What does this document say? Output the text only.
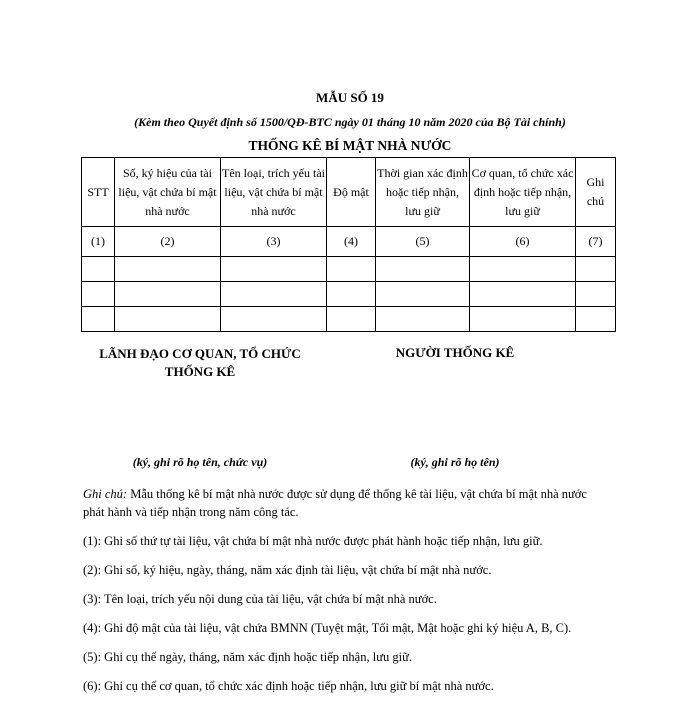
MẪU SỐ 19
(Kèm theo Quyết định số 1500/QĐ-BTC ngày 01 tháng 10 năm 2020 của Bộ Tài chính)
THỐNG KÊ BÍ MẬT NHÀ NƯỚC
STT	Số, ký hiệu của tài liệu, vật chứa bí mật nhà nước	Tên loại, trích yếu tài liệu, vật chứa bí mật nhà nước	Độ mật	Thời gian xác định hoặc tiếp nhận, lưu giữ	Cơ quan, tổ chức xác định hoặc tiếp nhận, lưu giữ	Ghi chú
(1)	(2)	(3)	(4)	(5)	(6)	(7)

LÃNH ĐẠO CƠ QUAN, TỔ CHỨC THỐNG KÊ
NGƯỜI THỐNG KÊ
(ký, ghi rõ họ tên, chức vụ)	(ký, ghi rõ họ tên)

Ghi chú: Mẫu thống kê bí mật nhà nước được sử dụng để thống kê tài liệu, vật chứa bí mật nhà nước phát hành và tiếp nhận trong năm công tác.

(1): Ghi số thứ tự tài liệu, vật chứa bí mật nhà nước được phát hành hoặc tiếp nhận, lưu giữ.

(2): Ghi số, ký hiệu, ngày, tháng, năm xác định tài liệu, vật chứa bí mật nhà nước.

(3): Tên loại, trích yếu nội dung của tài liệu, vật chứa bí mật nhà nước.

(4): Ghi độ mật của tài liệu, vật chứa BMNN (Tuyệt mật, Tối mật, Mật hoặc ghi ký hiệu A, B, C).

(5): Ghi cụ thể ngày, tháng, năm xác định hoặc tiếp nhận, lưu giữ.

(6): Ghi cụ thể cơ quan, tổ chức xác định hoặc tiếp nhận, lưu giữ bí mật nhà nước.
